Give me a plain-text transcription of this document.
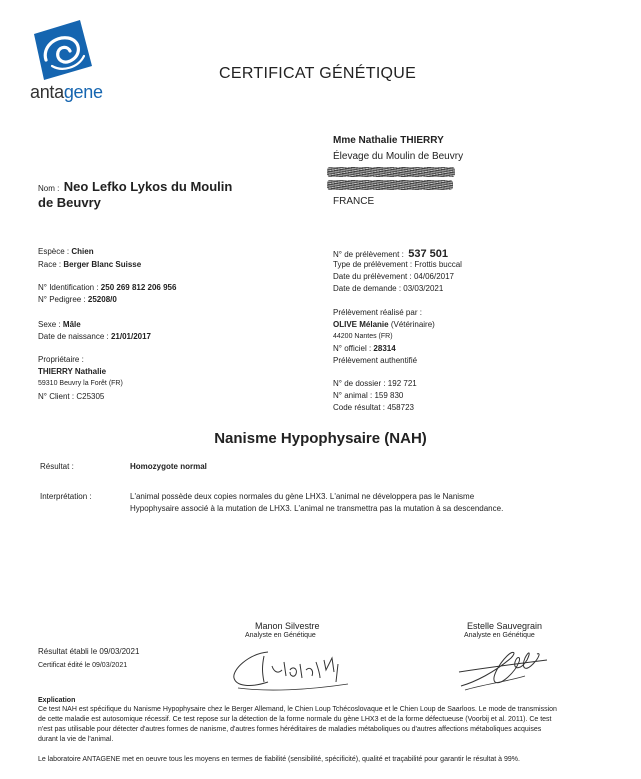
antagene
CERTIFICAT GÉNÉTIQUE
Mme Nathalie THIERRY
Élevage du Moulin de Beuvry
FRANCE
Nom : Neo Lefko Lykos du Moulin
de Beuvry
Espèce : Chien
Race : Berger Blanc Suisse
N° Identification : 250 269 812 206 956
N° Pedigree : 25208/0
Sexe : Mâle
Date de naissance : 21/01/2017
Propriétaire :
THIERRY Nathalie
59310 Beuvry la Forêt (FR)
N° Client : C25305
N° de prélèvement : 537 501
Type de prélèvement : Frottis buccal
Date du prélèvement : 04/06/2017
Date de demande : 03/03/2021
Prélèvement réalisé par :
OLIVE Mélanie (Vétérinaire)
44200 Nantes (FR)
N° officiel : 28314
Prélèvement authentifié
N° de dossier : 192 721
N° animal : 159 830
Code résultat : 458723
Nanisme Hypophysaire (NAH)
Résultat :	Homozygote normal
Interprétation :	L'animal possède deux copies normales du gène LHX3. L'animal ne développera pas le Nanisme
Hypophysaire associé à la mutation de LHX3. L'animal ne transmettra pas la mutation à sa descendance.
Manon Silvestre
Analyste en Génétique
Estelle Sauvegrain
Analyste en Génétique
Résultat établi le 09/03/2021
Certificat édité le 09/03/2021
Explication
Ce test NAH est spécifique du Nanisme Hypophysaire chez le Berger Allemand, le Chien Loup Tchécoslovaque et le Chien Loup de Saarloos. Le mode de transmission
de cette maladie est autosomique récessif. Ce test repose sur la détection de la forme normale du gène LHX3 et de la forme défectueuse (Voorbij et al. 2011). Ce test
n'est pas utilisable pour détecter d'autres formes de nanisme, d'autres formes héréditaires de maladies métaboliques ou d'autres affections métaboliques acquises
durant la vie de l'animal.
Le laboratoire ANTAGENE met en oeuvre tous les moyens en termes de fiabilité (sensibilité, spécificité), qualité et traçabilité pour garantir le résultat à 99%.
